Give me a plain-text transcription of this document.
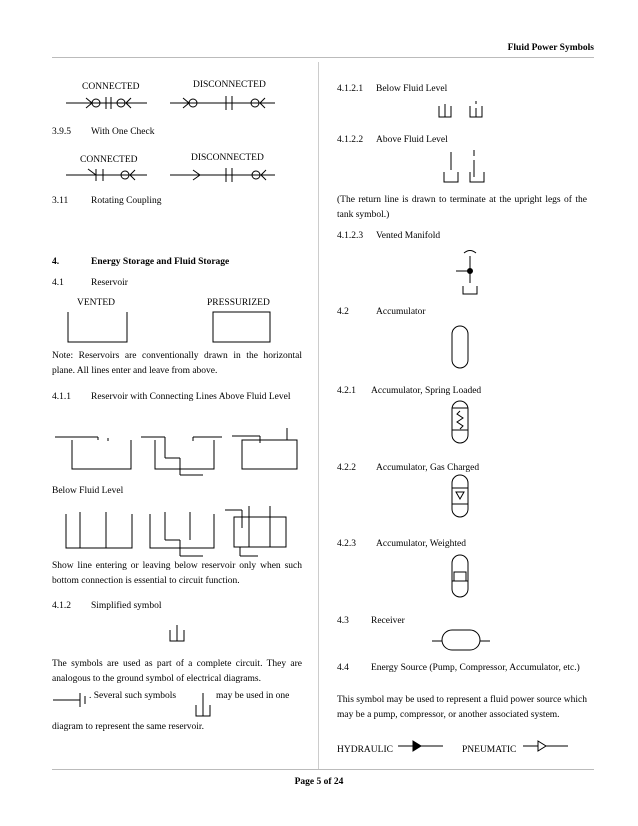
Fluid Power Symbols
CONNECTED	DISCONNECTED
3.9.5 With One Check
CONNECTED	DISCONNECTED
3.11 Rotating Coupling
4.	Energy Storage and Fluid Storage
4.1	Reservoir
VENTED	PRESSURIZED
Note: Reservoirs are conventionally drawn in the horizontal plane. All lines enter and leave from above.
4.1.1 Reservoir with Connecting Lines Above Fluid Level
Below Fluid Level
Show line entering or leaving below reservoir only when such bottom connection is essential to circuit function.
4.1.2 Simplified symbol
The symbols are used as part of a complete circuit. They are analogous to the ground symbol of electrical diagrams.
. Several such symbols	may be used in one
diagram to represent the same reservoir.
4.1.2.1 Below Fluid Level
4.1.2.2 Above Fluid Level
(The return line is drawn to terminate at the upright legs of the tank symbol.)
4.1.2.3 Vented Manifold
4.2	Accumulator
4.2.1 Accumulator, Spring Loaded
4.2.2 Accumulator, Gas Charged
4.2.3 Accumulator, Weighted
4.3 Receiver
4.4	Energy Source (Pump, Compressor, Accumulator, etc.)
This symbol may be used to represent a fluid power source which may be a pump, compressor, or another associated system.
HYDRAULIC	PNEUMATIC
Page 5 of 24
